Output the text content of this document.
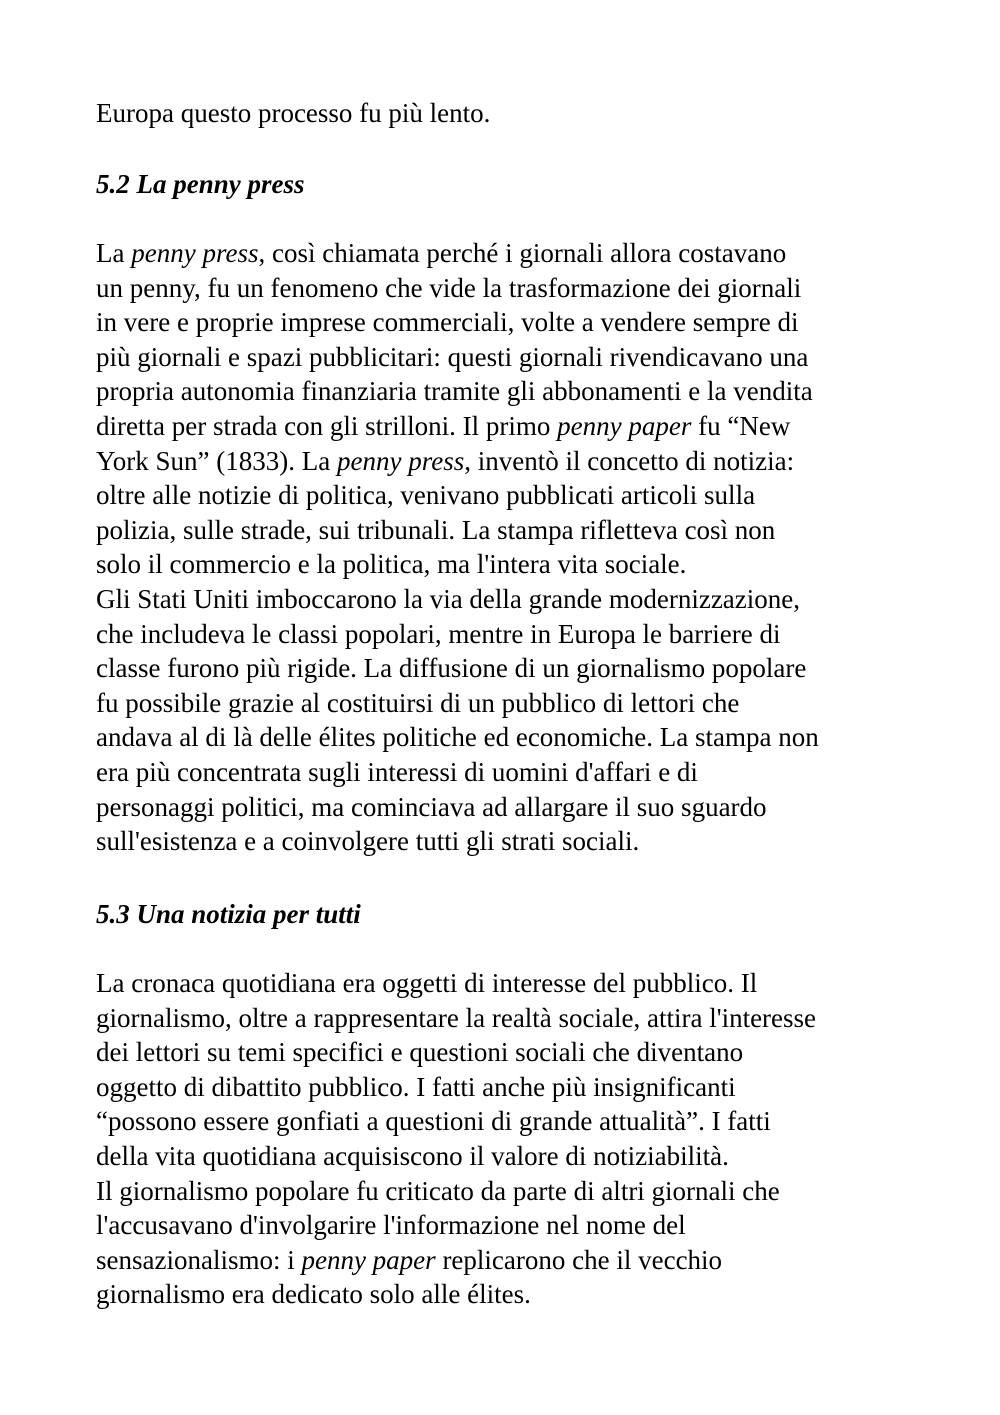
Europa questo processo fu più lento.

5.2 La penny press

La penny press, così chiamata perché i giornali allora costavano

un penny, fu un fenomeno che vide la trasformazione dei giornali

in vere e proprie imprese commerciali, volte a vendere sempre di

più giornali e spazi pubblicitari: questi giornali rivendicavano una

propria autonomia finanziaria tramite gli abbonamenti e la vendita

diretta per strada con gli strilloni. Il primo penny paper fu “New

York Sun” (1833). La penny press, inventò il concetto di notizia:

oltre alle notizie di politica, venivano pubblicati articoli sulla

polizia, sulle strade, sui tribunali. La stampa rifletteva così non

solo il commercio e la politica, ma l'intera vita sociale.

Gli Stati Uniti imboccarono la via della grande modernizzazione,

che includeva le classi popolari, mentre in Europa le barriere di

classe furono più rigide. La diffusione di un giornalismo popolare

fu possibile grazie al costituirsi di un pubblico di lettori che

andava al di là delle élites politiche ed economiche. La stampa non

era più concentrata sugli interessi di uomini d'affari e di

personaggi politici, ma cominciava ad allargare il suo sguardo

sull'esistenza e a coinvolgere tutti gli strati sociali.

5.3 Una notizia per tutti

La cronaca quotidiana era oggetti di interesse del pubblico. Il

giornalismo, oltre a rappresentare la realtà sociale, attira l'interesse

dei lettori su temi specifici e questioni sociali che diventano

oggetto di dibattito pubblico. I fatti anche più insignificanti

“possono essere gonfiati a questioni di grande attualità”. I fatti

della vita quotidiana acquisiscono il valore di notiziabilità.

Il giornalismo popolare fu criticato da parte di altri giornali che

l'accusavano d'involgarire l'informazione nel nome del

sensazionalismo: i penny paper replicarono che il vecchio

giornalismo era dedicato solo alle élites.
